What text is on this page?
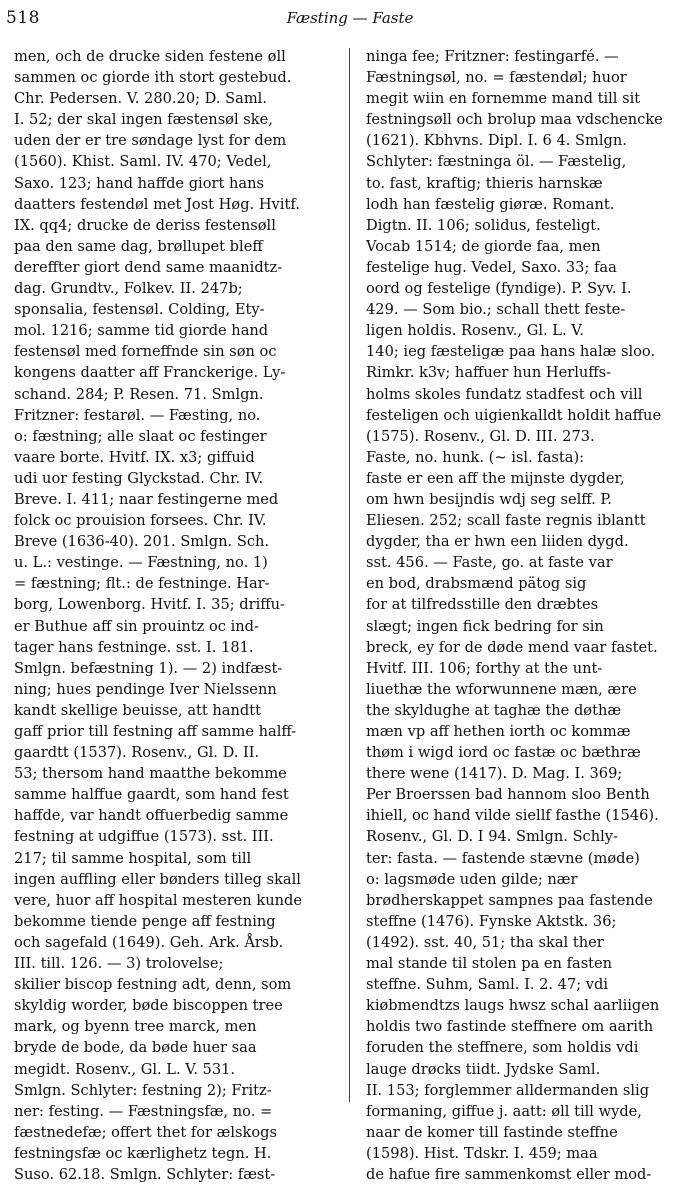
518	Fæsting — Faste
men, och de drucke siden festene øll
sammen oc giorde ith stort gestebud.
Chr. Pedersen. V. 280.20; D. Saml.
I. 52; der skal ingen fæstensøl ske,
uden der er tre søndage lyst for dem
(1560). Khist. Saml. IV. 470; Vedel,
Saxo. 123; hand haffde giort hans
daatters festendøl met Jost Høg. Hvitf.
IX. qq4; drucke de deriss festensøll
paa den same dag, brøllupet bleff
dereffter giort dend same maanidtz-
dag. Grundtv., Folkev. II. 247b;
sponsalia, festensøl. Colding, Ety-
mol. 1216; samme tid giorde hand
festensøl med forneffnde sin søn oc
kongens daatter aff Franckerige. Ly-
schand. 284; P. Resen. 71. Smlgn.
Fritzner: festarøl. — Fæsting, no.
o: fæstning; alle slaat oc festinger
vaare borte. Hvitf. IX. x3; giffuid
udi uor festing Glyckstad. Chr. IV.
Breve. I. 411; naar festingerne med
folck oc prouision forsees. Chr. IV.
Breve (1636-40). 201. Smlgn. Sch.
u. L.: vestinge. — Fæstning, no. 1)
= fæstning; flt.: de festninge. Har-
borg, Lowenborg. Hvitf. I. 35; driffu-
er Buthue aff sin prouintz oc ind-
tager hans festninge. sst. I. 181.
Smlgn. befæstning 1). — 2) indfæst-
ning; hues pendinge Iver Nielssenn
kandt skellige beuisse, att handtt
gaff prior till festning aff samme halff-
gaardtt (1537). Rosenv., Gl. D. II.
53; thersom hand maatthe bekomme
samme halffue gaardt, som hand fest
haffde, var handt offuerbedig samme
festning at udgiffue (1573). sst. III.
217; til samme hospital, som till
ingen auffling eller bønders tilleg skall
vere, huor aff hospital mesteren kunde
bekomme tiende penge aff festning
och sagefald (1649). Geh. Ark. Årsb.
III. till. 126. — 3) trolovelse;
skilier biscop festning adt, denn, som
skyldig worder, bøde biscoppen tree
mark, og byenn tree marck, men
bryde de bode, da bøde huer saa
megidt. Rosenv., Gl. L. V. 531.
Smlgn. Schlyter: festning 2); Fritz-
ner: festing. — Fæstningsfæ, no. =
fæstnedefæ; offert thet for ælskogs
festningsfæ oc kærlighetz tegn. H.
Suso. 62.18. Smlgn. Schlyter: fæst-
ninga fee; Fritzner: festingarfé. —
Fæstningsøl, no. = fæstendøl; huor
megit wiin en fornemme mand till sit
festningsøll och broluр maa vdschencke
(1621). Kbhvns. Dipl. I. 6 4. Smlgn.
Schlyter: fæstninga öl. — Fæstelig,
to. fast, kraftig; thieris harnskæ
lodh han fæstelig giøræ. Romant.
Digtn. II. 106; solidus, festeligt.
Vocab 1514; de giorde faa, men
festelige hug. Vedel, Saxo. 33; faa
oord og festelige (fyndige). P. Syv. I.
429. — Som bio.; schall thett feste-
ligen holdis. Rosenv., Gl. L. V.
140; ieg fæsteligæ paa hans halæ sloo.
Rimkr. k3v; haffuer hun Herluffs-
holms skoles fundatz stadfest och vill
festeligen och uigienkalldt holdit haffue
(1575). Rosenv., Gl. D. III. 273.
Faste, no. hunk. (~ isl. fasta):
faste er een aff the mijnste dygder,
om hwn besijndis wdj seg selff. P.
Eliesen. 252; scall faste regnis iblantt
dygder, tha er hwn een liiden dygd.
sst. 456. — Faste, go. at faste var
en bod, drabsmænd pätog sig
for at tilfredsstille den dræbtes
slægt; ingen fick bedring for sin
breck, ey for de døde mend vaar fastet.
Hvitf. III. 106; forthy at the unt-
liuethæ the wforwunnene mæn, ære
the skyldughe at taghæ the døthæ
mæn vp aff hethen iorth oc kommæ
thøm i wigd iord oc fastæ oc bæthræ
there wene (1417). D. Mag. I. 369;
Per Broerssen bad hannom sloo Benth
ihiell, oc hand vilde siellf fasthe (1546).
Rosenv., Gl. D. I 94. Smlgn. Schly-
ter: fasta. — fastende stævne (møde)
o: lagsmøde uden gilde; nær
brødherskappet sampnes paa fastende
steffne (1476). Fynske Aktstk. 36;
(1492). sst. 40, 51; tha skal ther
mal stande til stolen pa en fasten
steffne. Suhm, Saml. I. 2. 47; vdi
kiøbmendtzs laugs hwsz schal aarliigen
holdis two fastinde steffnere om aarith
foruden the steffnere, som holdis vdi
lauge drøcks tiidt. Jydske Saml.
II. 153; forglemmer alldermanden slig
formaning, giffue j. aatt: øll till wyde,
naar de komer till fastinde steffne
(1598). Hist. Tdskr. I. 459; maa
de hafue fire sammenkomst eller mod-
